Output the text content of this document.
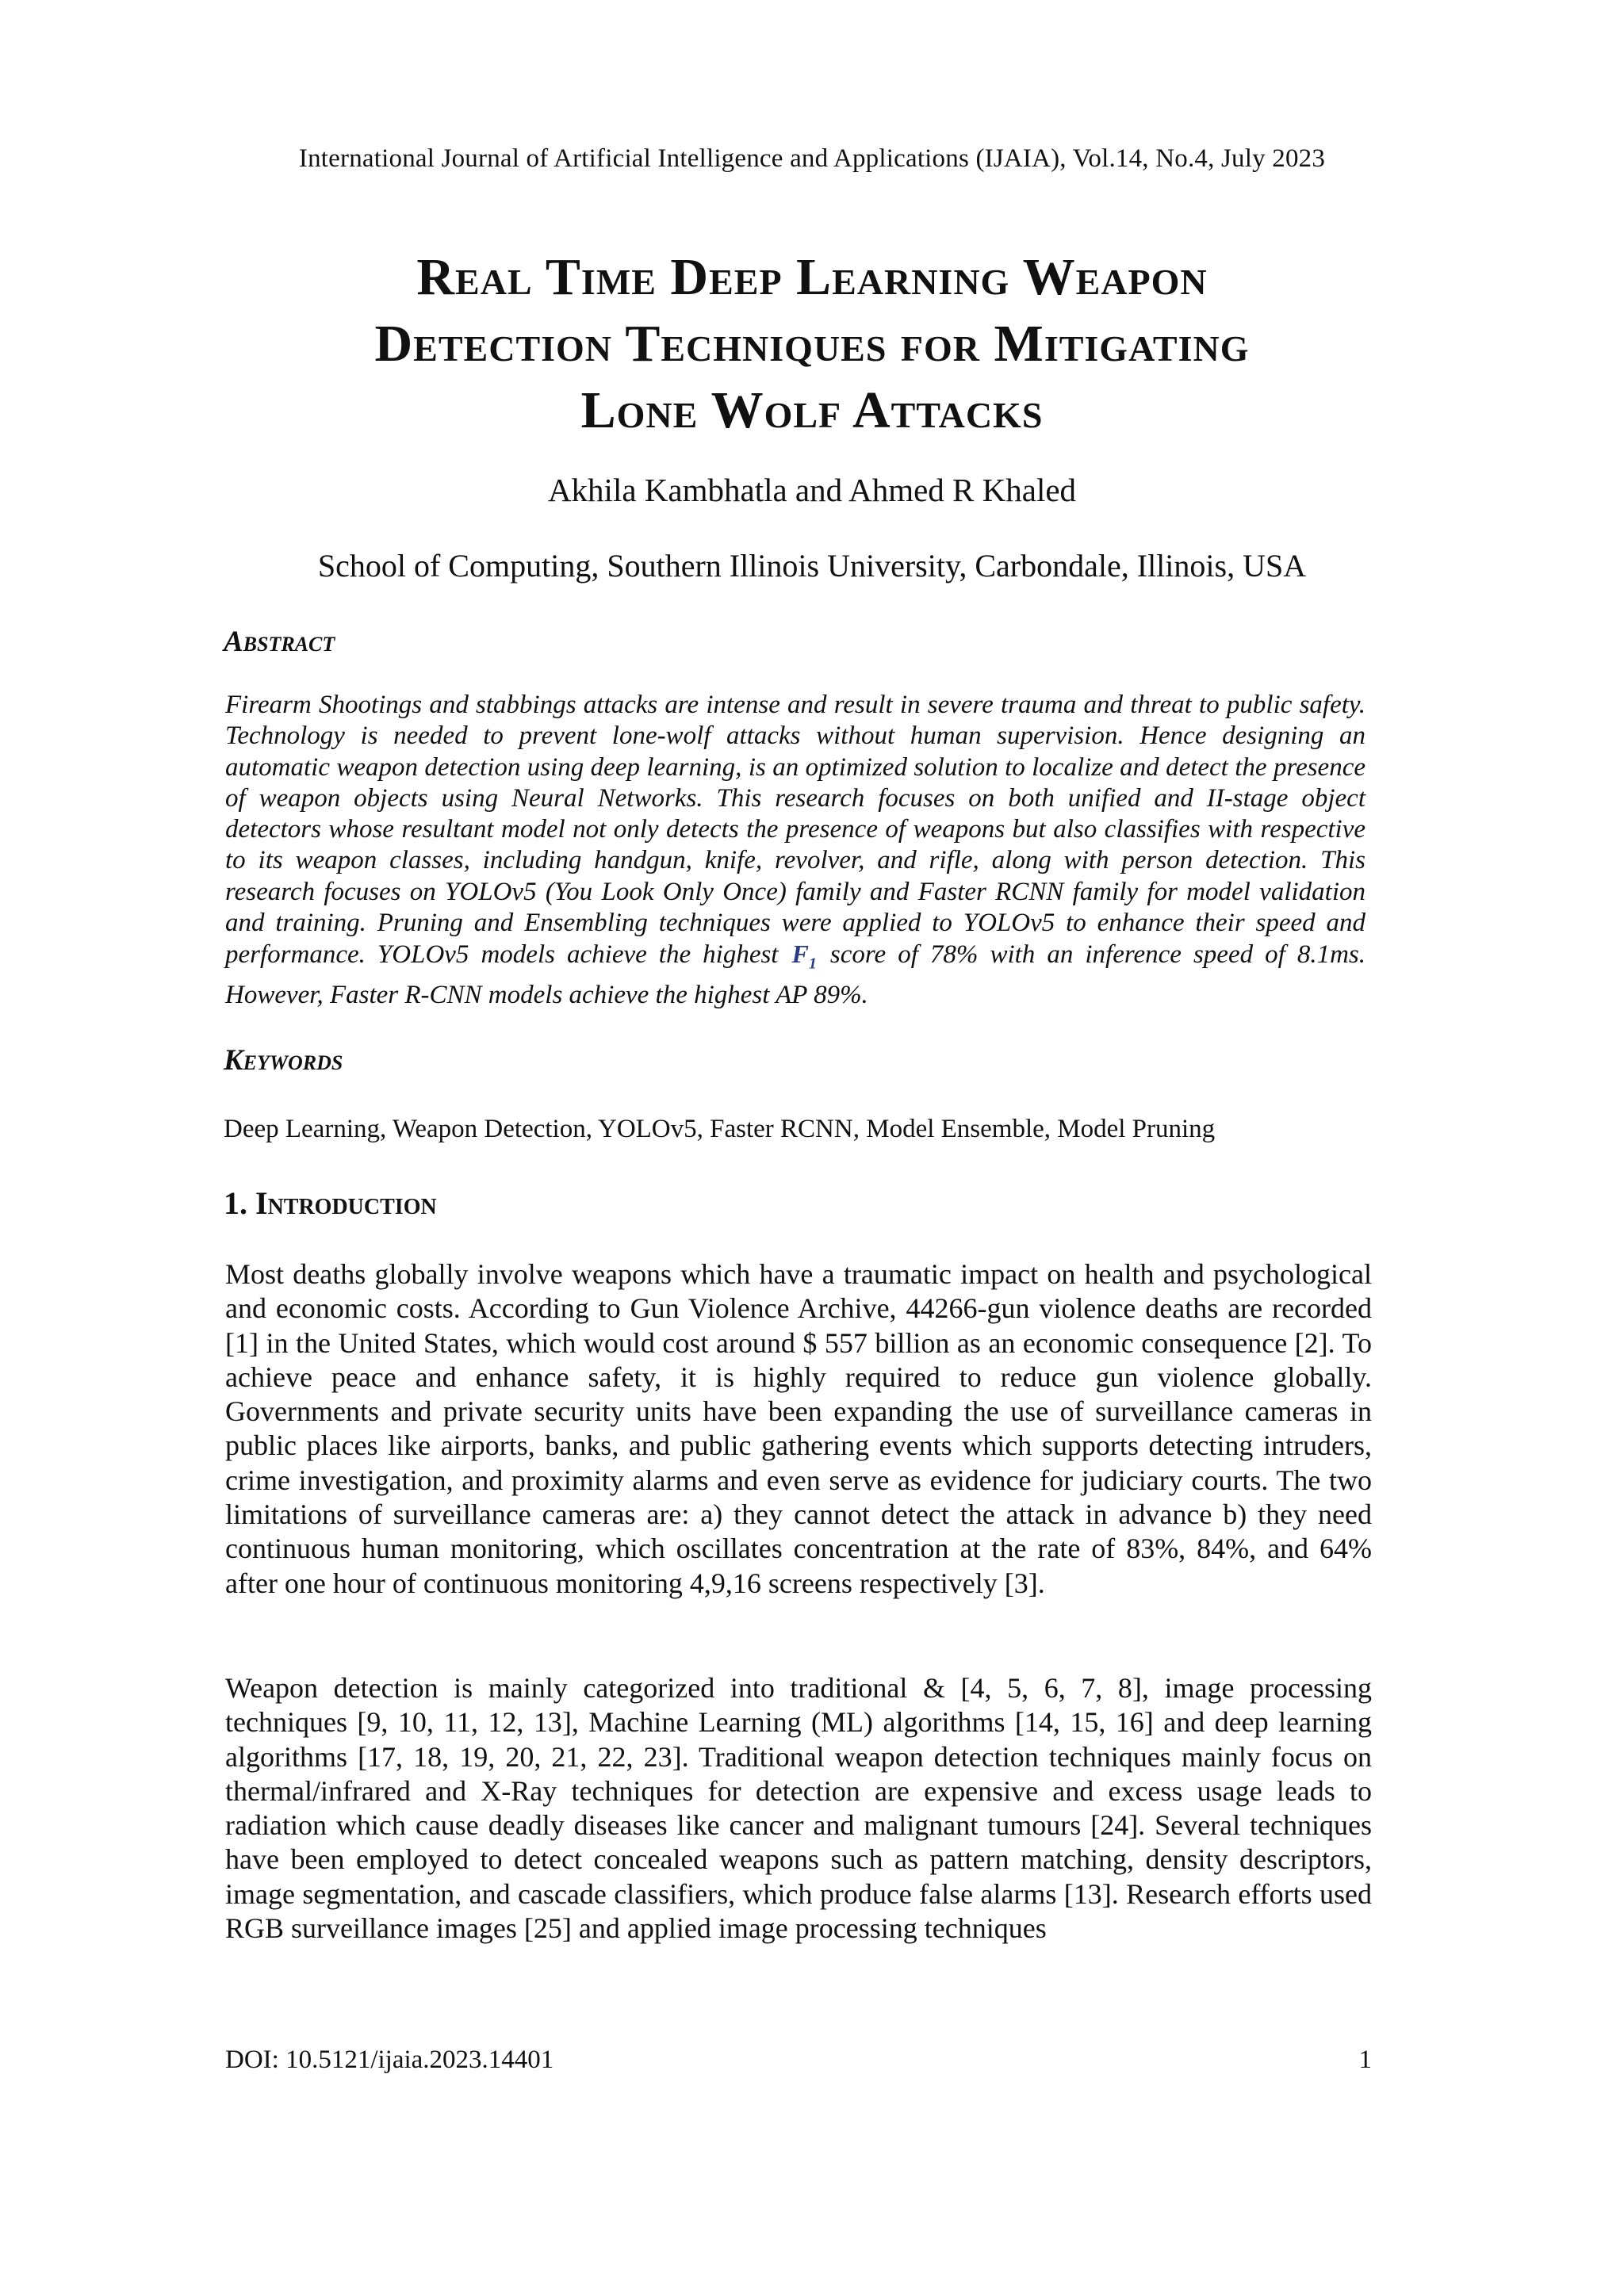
International Journal of Artificial Intelligence and Applications (IJAIA), Vol.14, No.4, July 2023
Real Time Deep Learning Weapon
Detection Techniques for Mitigating
Lone Wolf Attacks
Akhila Kambhatla and Ahmed R Khaled
School of Computing, Southern Illinois University, Carbondale, Illinois, USA
Abstract

Firearm Shootings and stabbings attacks are intense and result in severe trauma and threat to public safety. Technology is needed to prevent lone-wolf attacks without human supervision. Hence designing an automatic weapon detection using deep learning, is an optimized solution to localize and detect the presence of weapon objects using Neural Networks. This research focuses on both unified and II-stage object detectors whose resultant model not only detects the presence of weapons but also classifies with respective to its weapon classes, including handgun, knife, revolver, and rifle, along with person detection. This research focuses on YOLOv5 (You Look Only Once) family and Faster RCNN family for model validation and training. Pruning and Ensembling techniques were applied to YOLOv5 to enhance their speed and performance. YOLOv5 models achieve the highest $F_1$ score of 78% with an inference speed of 8.1ms. However, Faster R-CNN models achieve the highest AP 89%.

Keywords
Deep Learning, Weapon Detection, YOLOv5, Faster RCNN, Model Ensemble, Model Pruning
1. Introduction

Most deaths globally involve weapons which have a traumatic impact on health and psychological and economic costs. According to Gun Violence Archive, 44266-gun violence deaths are recorded [1] in the United States, which would cost around $ 557 billion as an economic consequence [2]. To achieve peace and enhance safety, it is highly required to reduce gun violence globally. Governments and private security units have been expanding the use of surveillance cameras in public places like airports, banks, and public gathering events which supports detecting intruders, crime investigation, and proximity alarms and even serve as evidence for judiciary courts. The two limitations of surveillance cameras are: a) they cannot detect the attack in advance b) they need continuous human monitoring, which oscillates concentration at the rate of 83%, 84%, and 64% after one hour of continuous monitoring 4,9,16 screens respectively [3].

Weapon detection is mainly categorized into traditional & [4, 5, 6, 7, 8], image processing techniques [9, 10, 11, 12, 13], Machine Learning (ML) algorithms [14, 15, 16] and deep learning algorithms [17, 18, 19, 20, 21, 22, 23]. Traditional weapon detection techniques mainly focus on thermal/infrared and X-Ray techniques for detection are expensive and excess usage leads to radiation which cause deadly diseases like cancer and malignant tumours [24]. Several techniques have been employed to detect concealed weapons such as pattern matching, density descriptors, image segmentation, and cascade classifiers, which produce false alarms [13]. Research efforts used RGB surveillance images [25] and applied image processing techniques

DOI: 10.5121/ijaia.2023.14401	1
